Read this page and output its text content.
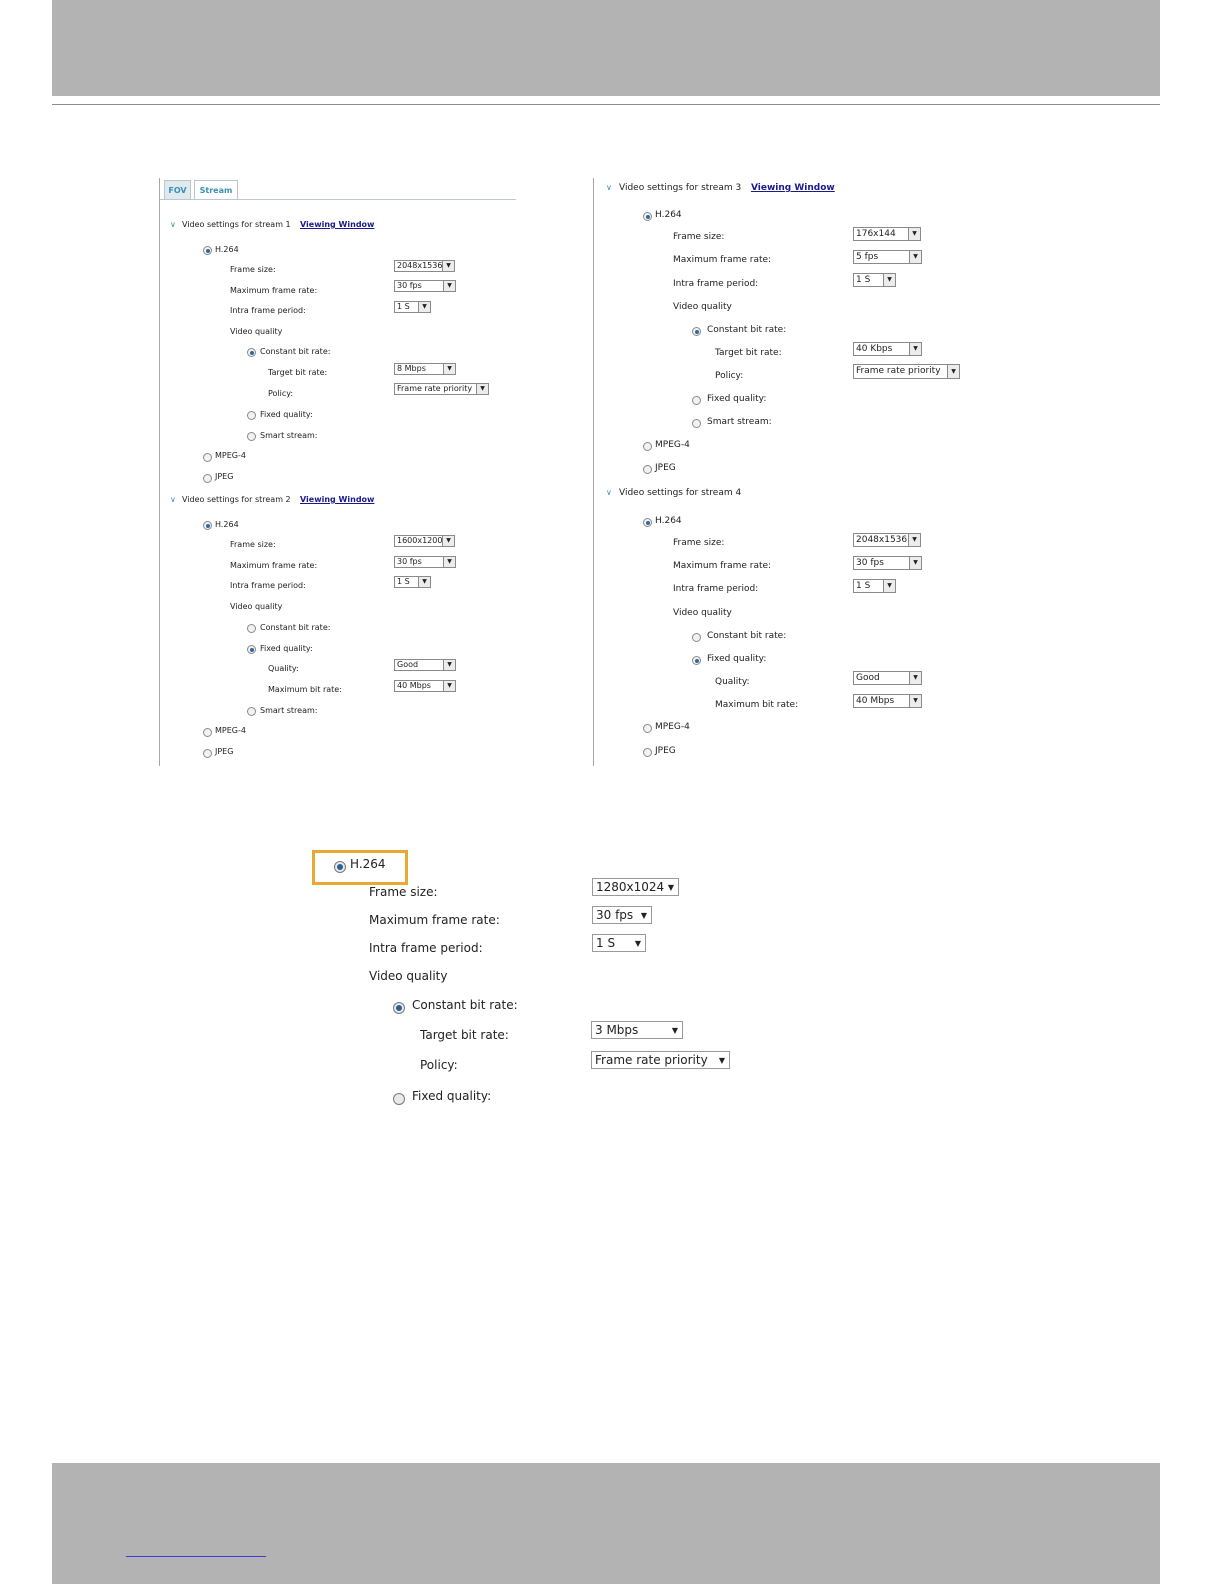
FOV	Stream
∨ Video settings for stream 1 Viewing Window
H.264
Frame size:	2048x1536 ▼
Maximum frame rate:
30 fps	▼
Intra frame period:	1 S	▼
Video quality
Constant bit rate:
Target bit rate:	8 Mbps	▼
Policy:
Frame rate priority	▼
Fixed quality:
Smart stream:
MPEG-4
JPEG
∨ Video settings for stream 2 Viewing Window
H.264
Frame size:	1600x1200 ▼
Maximum frame rate:	30 fps	▼
Intra frame period:	1 S	▼
Video quality
Constant bit rate:
Fixed quality:
Quality:	Good	▼
Maximum bit rate:	40 Mbps	▼
Smart stream:
MPEG-4
JPEG
∨ Video settings for stream 3 Viewing Window
H.264
Frame size:	176x144	▼
Maximum frame rate:	5 fps	▼
Intra frame period:	1 S	▼
Video quality
Constant bit rate:
Target bit rate:	40 Kbps	▼
Policy:	Frame rate priority	▼
Fixed quality:
Smart stream:
MPEG-4
JPEG
∨ Video settings for stream 4
H.264
Frame size:	2048x1536 ▼
Maximum frame rate:	30 fps	▼
Intra frame period:	1 S	▼
Video quality
Constant bit rate:
Fixed quality:
Quality:	Good	▼
Maximum bit rate:	40 Mbps	▼
MPEG-4
JPEG
H.264
Frame size:	1280x1024 ▼
Maximum frame rate:	30 fps ▼
Intra frame period:	1 S ▼
Video quality
Constant bit rate:
Target bit rate:	3 Mbps	▼
Policy:	Frame rate priority ▼
Fixed quality:
